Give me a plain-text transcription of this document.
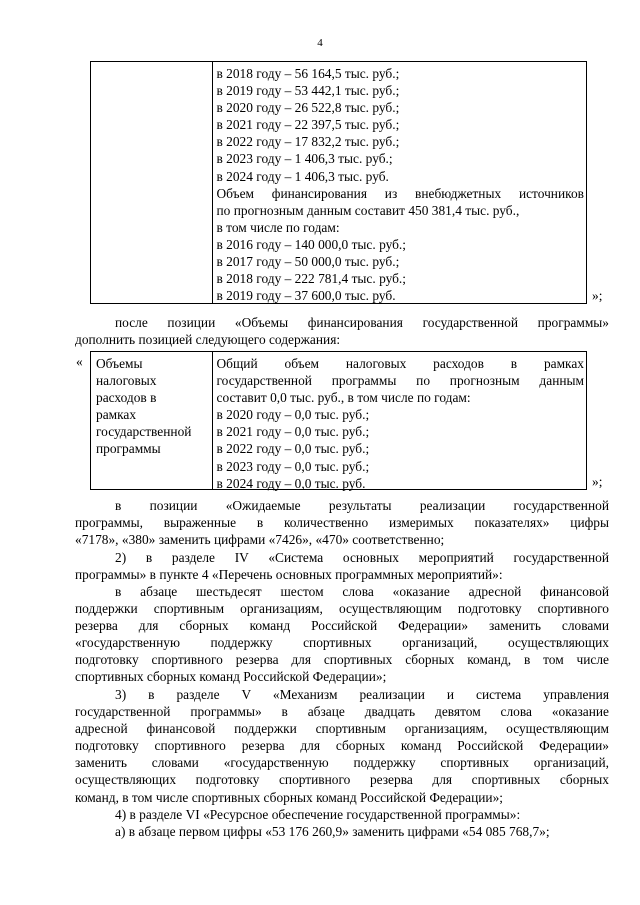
4
в 2018 году – 56 164,5 тыс. руб.;
в 2019 году – 53 442,1 тыс. руб.;
в 2020 году – 26 522,8 тыс. руб.;
в 2021 году – 22 397,5 тыс. руб.;
в 2022 году – 17 832,2 тыс. руб.;
в 2023 году – 1 406,3 тыс. руб.;
в 2024 году – 1 406,3 тыс. руб.
Объем финансирования из внебюджетных источников
по прогнозным данным составит 450 381,4 тыс. руб.,
в том числе по годам:
в 2016 году – 140 000,0 тыс. руб.;
в 2017 году – 50 000,0 тыс. руб.;
в 2018 году – 222 781,4 тыс. руб.;
в 2019 году – 37 600,0 тыс. руб.	»;
после позиции «Объемы финансирования государственной программы»
дополнить позицией следующего содержания:
« Объемы
налоговых
расходов в
рамках
государственной
программы
Общий объем налоговых расходов в рамках
государственной программы по прогнозным данным
составит 0,0 тыс. руб., в том числе по годам:
в 2020 году – 0,0 тыс. руб.;
в 2021 году – 0,0 тыс. руб.;
в 2022 году – 0,0 тыс. руб.;
в 2023 году – 0,0 тыс. руб.;
в 2024 году – 0,0 тыс. руб.	»;
в позиции «Ожидаемые результаты реализации государственной
программы, выраженные в количественно измеримых показателях» цифры
«7178», «380» заменить цифрами «7426», «470» соответственно;
2) в разделе IV «Система основных мероприятий государственной
программы» в пункте 4 «Перечень основных программных мероприятий»:
в абзаце шестьдесят шестом слова «оказание адресной финансовой
поддержки спортивным организациям, осуществляющим подготовку спортивного
резерва для сборных команд Российской Федерации» заменить словами
«государственную поддержку спортивных организаций, осуществляющих
подготовку спортивного резерва для спортивных сборных команд, в том числе
спортивных сборных команд Российской Федерации»;
3) в разделе V «Механизм реализации и система управления
государственной программы» в абзаце двадцать девятом слова «оказание
адресной финансовой поддержки спортивным организациям, осуществляющим
подготовку спортивного резерва для сборных команд Российской Федерации»
заменить словами «государственную поддержку спортивных организаций,
осуществляющих подготовку спортивного резерва для спортивных сборных
команд, в том числе спортивных сборных команд Российской Федерации»;
4) в разделе VI «Ресурсное обеспечение государственной программы»:
а) в абзаце первом цифры «53 176 260,9» заменить цифрами «54 085 768,7»;
